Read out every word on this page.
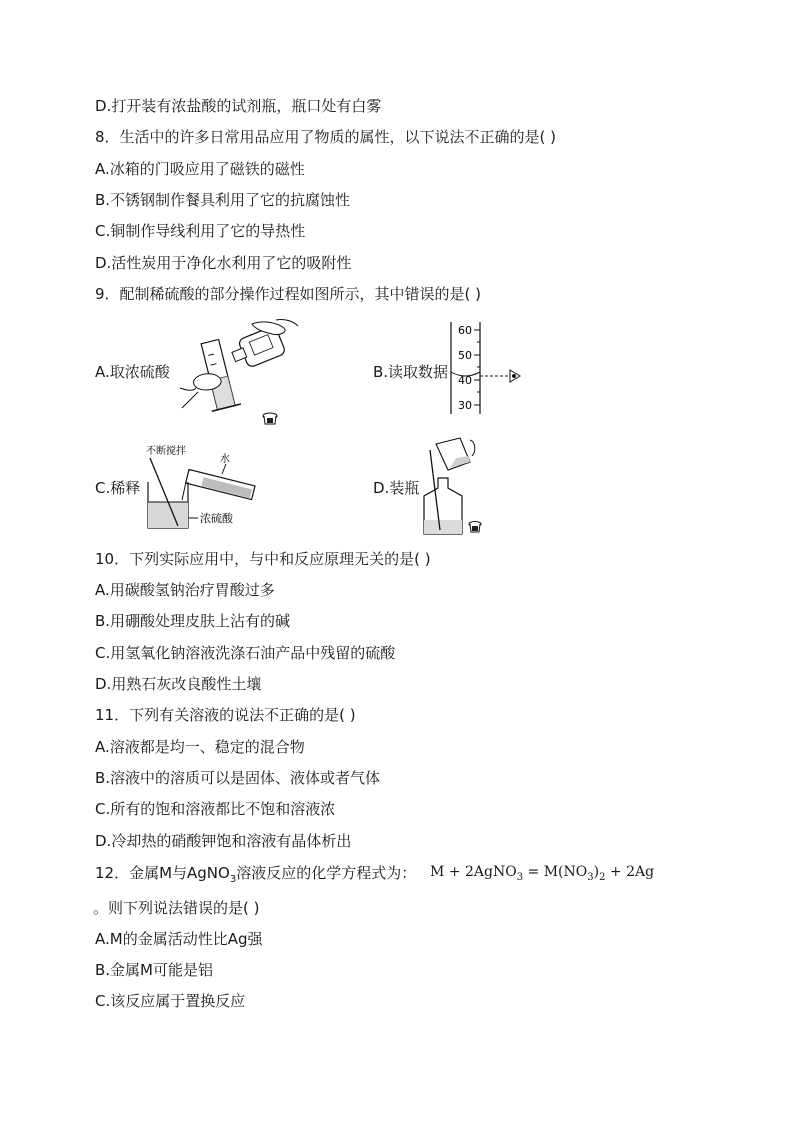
D.打开装有浓盐酸的试剂瓶，瓶口处有白雾
8．生活中的许多日常用品应用了物质的属性，以下说法不正确的是( )
A.冰箱的门吸应用了磁铁的磁性
B.不锈钢制作餐具利用了它的抗腐蚀性
C.铜制作导线利用了它的导热性
D.活性炭用于净化水利用了它的吸附性
9．配制稀硫酸的部分操作过程如图所示，其中错误的是( )
A.取浓硫酸	B.读取数据
60
50
40
30
C.稀释
不断搅拌
水
浓硫酸
D.装瓶
10．下列实际应用中，与中和反应原理无关的是( )
A.用碳酸氢钠治疗胃酸过多
B.用硼酸处理皮肤上沾有的碱
C.用氢氧化钠溶液洗涤石油产品中残留的硫酸
D.用熟石灰改良酸性土壤
11．下列有关溶液的说法不正确的是( )
A.溶液都是均一、稳定的混合物
B.溶液中的溶质可以是固体、液体或者气体
C.所有的饱和溶液都比不饱和溶液浓
D.冷却热的硝酸钾饱和溶液有晶体析出
12．金属M与AgNO$_3$溶液反应的化学方程式为： M + 2AgNO$_3$ = $M(NO_3)_2 + 2Ag$
。则下列说法错误的是( )
A.M的金属活动性比Ag强
B.金属M可能是铝
C.该反应属于置换反应
